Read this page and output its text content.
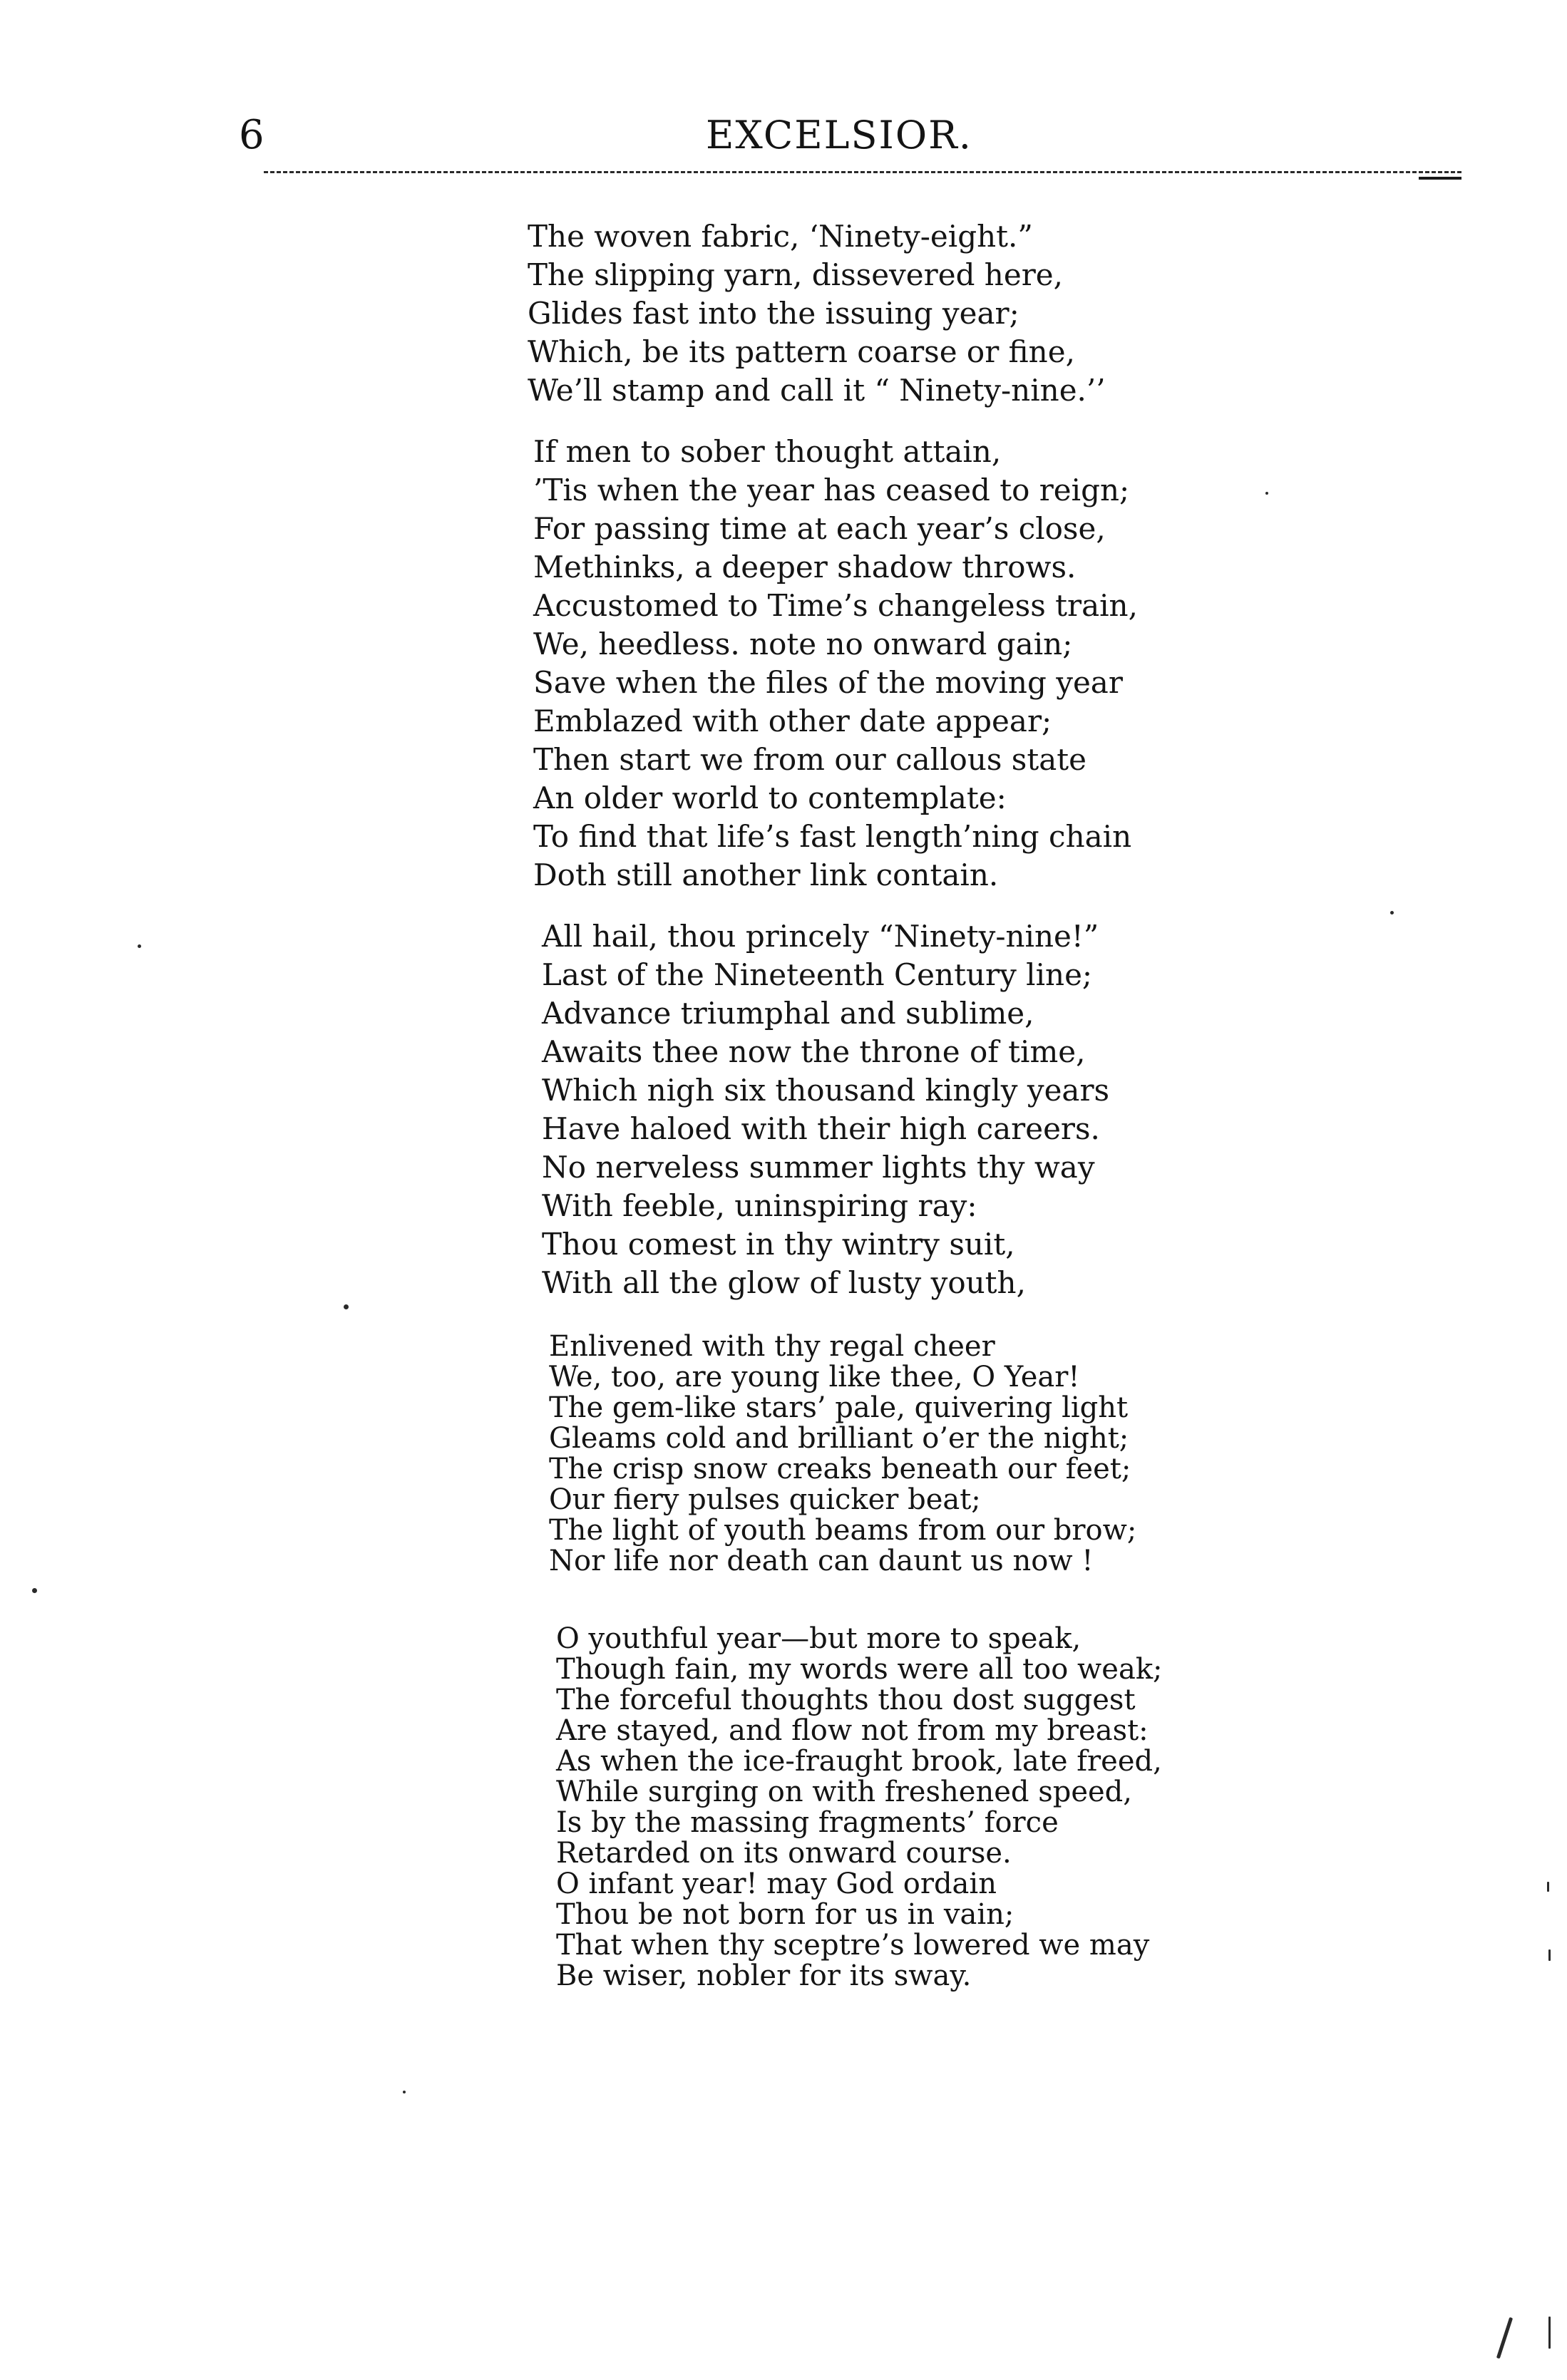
6	EXCELSIOR.
The woven fabric, ‘Ninety-eight.”
The slipping yarn, dissevered here,
Glides fast into the issuing year;
Which, be its pattern coarse or fine,
We’ll stamp and call it “ Ninety-nine.’’
If men to sober thought attain,
’Tis when the year has ceased to reign;
For passing time at each year’s close,
Methinks, a deeper shadow throws.
Accustomed to Time’s changeless train,
We, heedless. note no onward gain;
Save when the files of the moving year
Emblazed with other date appear;
Then start we from our callous state
An older world to contemplate:
To find that life’s fast length’ning chain
Doth still another link contain.
All hail, thou princely “Ninety-nine!”
Last of the Nineteenth Century line;
Advance triumphal and sublime,
Awaits thee now the throne of time,
Which nigh six thousand kingly years
Have haloed with their high careers.
No nerveless summer lights thy way
With feeble, uninspiring ray:
Thou comest in thy wintry suit,
With all the glow of lusty youth,
Enlivened with thy regal cheer
We, too, are young like thee, O Year!
The gem-like stars’ pale, quivering light
Gleams cold and brilliant o’er the night;
The crisp snow creaks beneath our feet;
Our fiery pulses quicker beat;
The light of youth beams from our brow;
Nor life nor death can daunt us now !
O youthful year—but more to speak,
Though fain, my words were all too weak;
The forceful thoughts thou dost suggest
Are stayed, and flow not from my breast:
As when the ice-fraught brook, late freed,
While surging on with freshened speed,
Is by the massing fragments’ force
Retarded on its onward course.
O infant year! may God ordain
Thou be not born for us in vain;
That when thy sceptre’s lowered we may
Be wiser, nobler for its sway.
